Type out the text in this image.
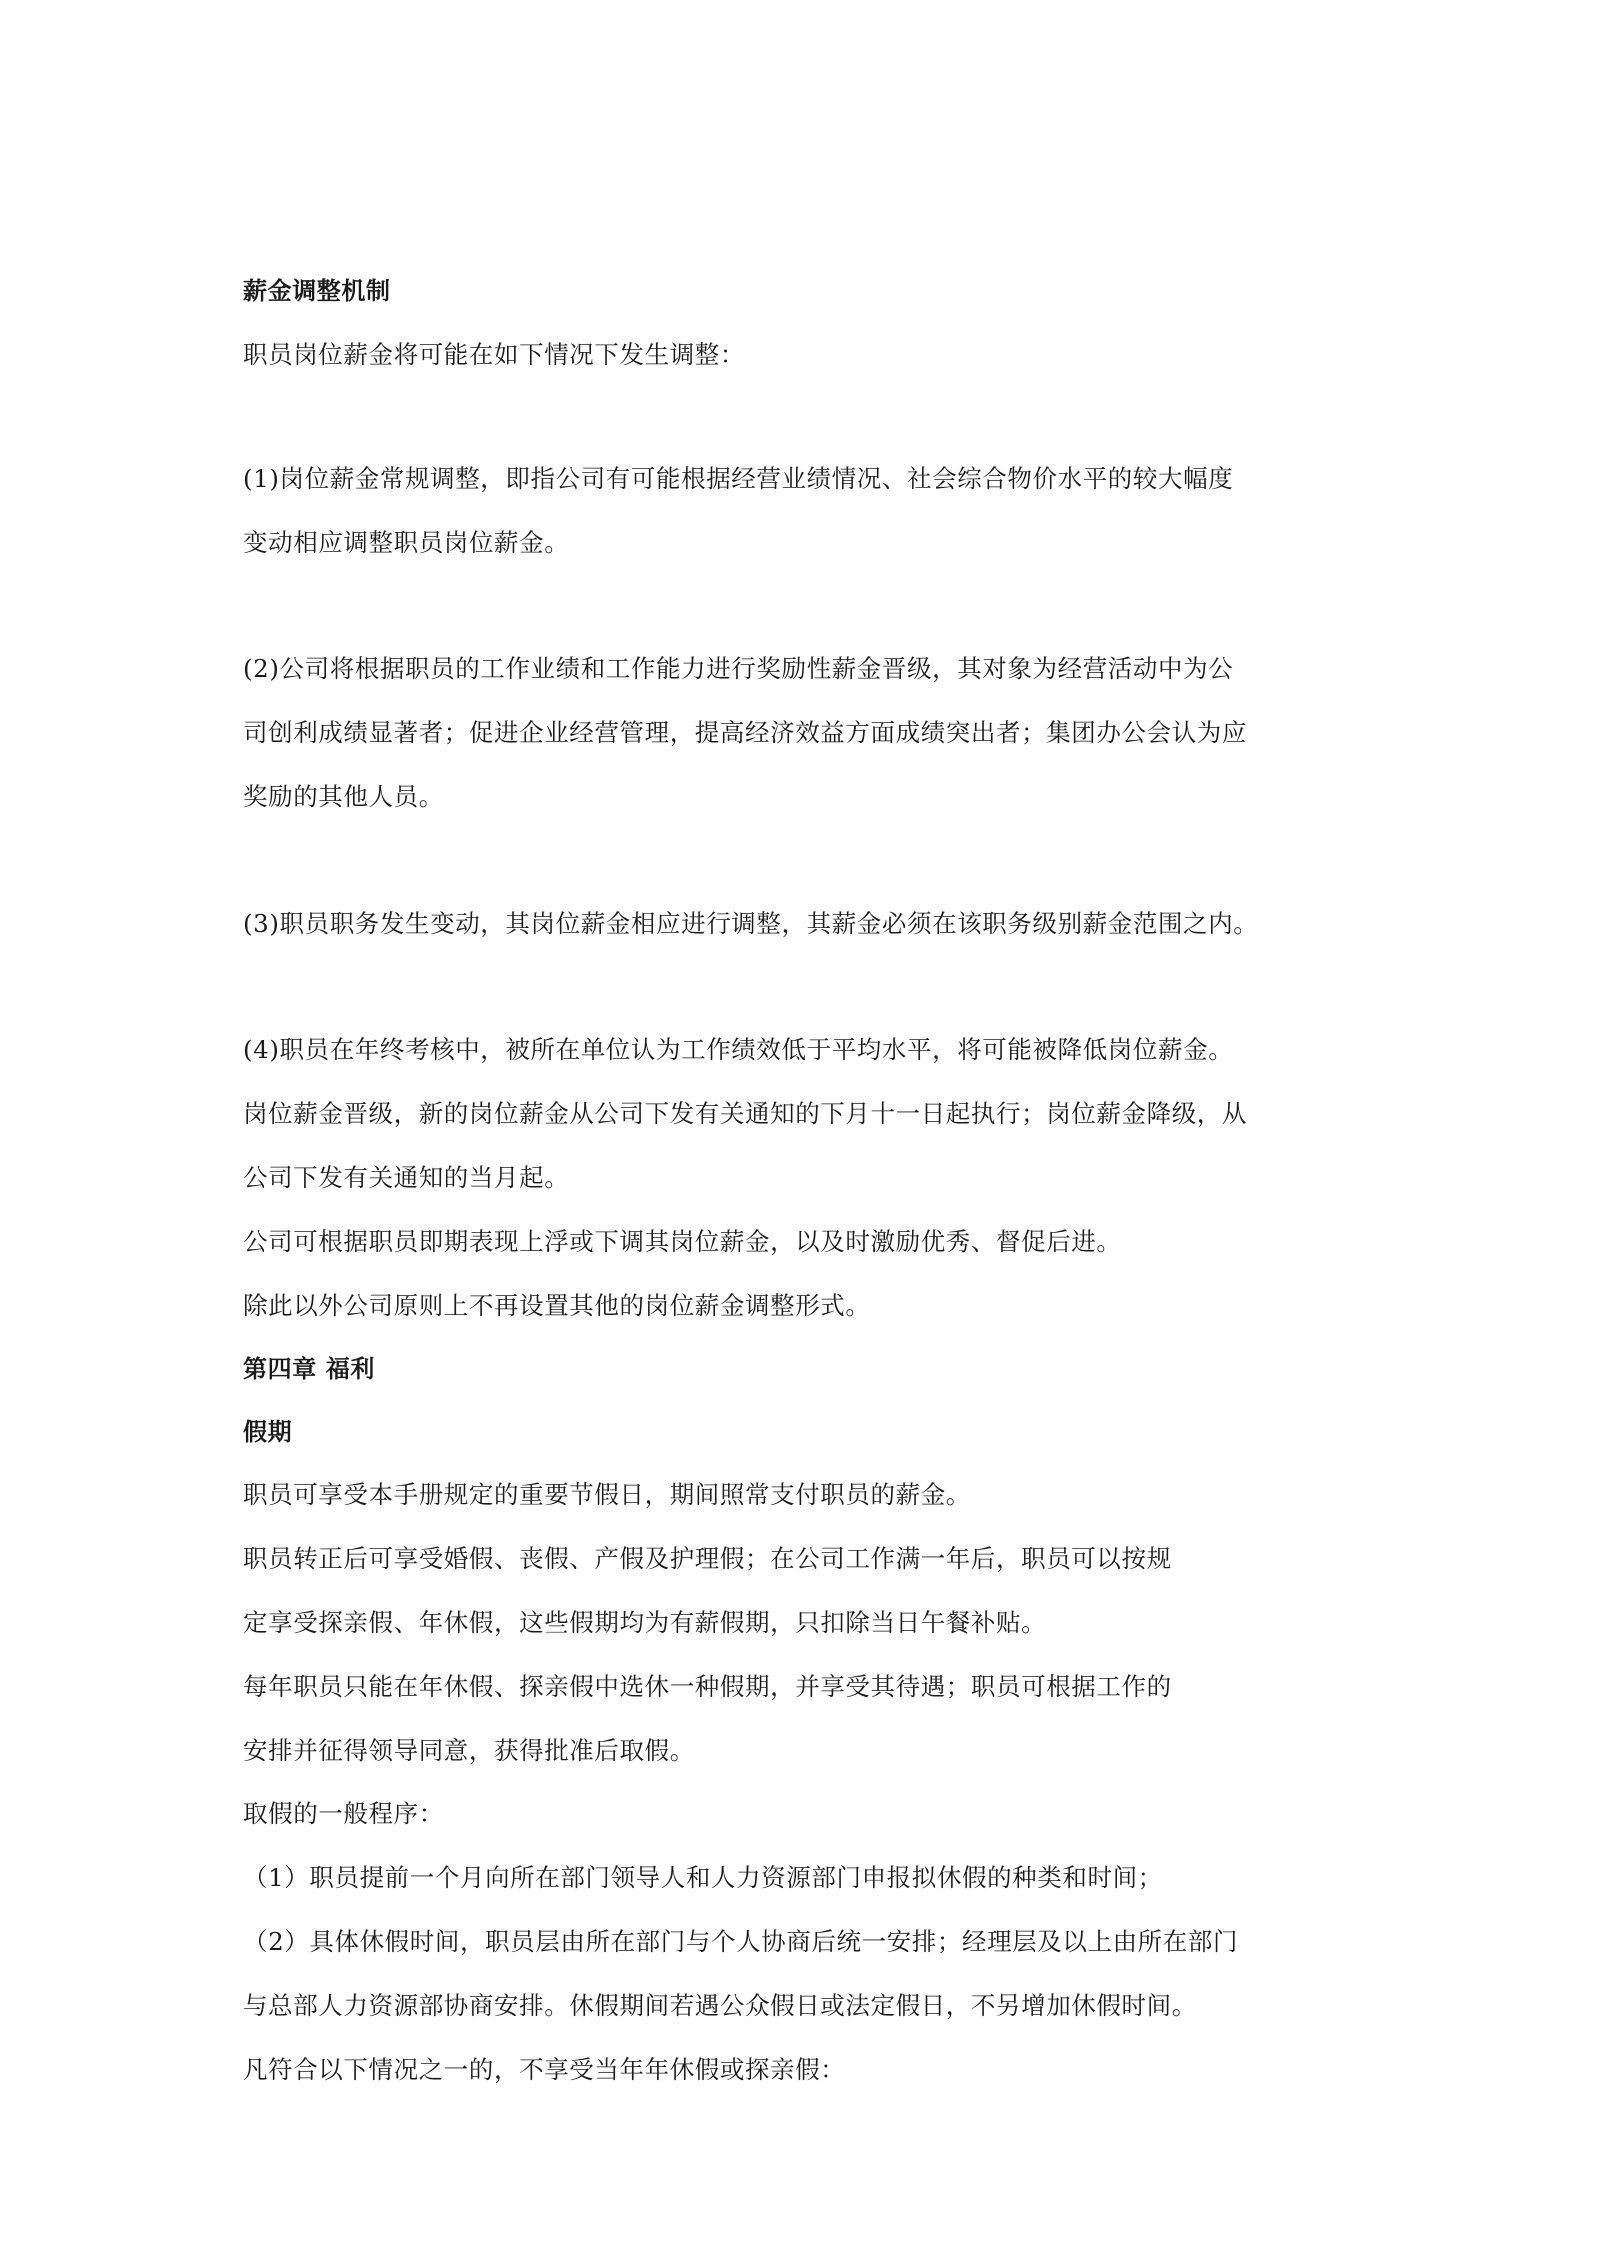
薪金调整机制

职员岗位薪金将可能在如下情况下发生调整：

(1)岗位薪金常规调整，即指公司有可能根据经营业绩情况、社会综合物价水平的较大幅度

变动相应调整职员岗位薪金。

(2)公司将根据职员的工作业绩和工作能力进行奖励性薪金晋级，其对象为经营活动中为公

司创利成绩显著者；促进企业经营管理，提高经济效益方面成绩突出者；集团办公会认为应

奖励的其他人员。

(3)职员职务发生变动，其岗位薪金相应进行调整，其薪金必须在该职务级别薪金范围之内。

(4)职员在年终考核中，被所在单位认为工作绩效低于平均水平，将可能被降低岗位薪金。

岗位薪金晋级，新的岗位薪金从公司下发有关通知的下月十一日起执行；岗位薪金降级，从

公司下发有关通知的当月起。

公司可根据职员即期表现上浮或下调其岗位薪金，以及时激励优秀、督促后进。

除此以外公司原则上不再设置其他的岗位薪金调整形式。

第四章 福利

假期

职员可享受本手册规定的重要节假日，期间照常支付职员的薪金。

职员转正后可享受婚假、丧假、产假及护理假；在公司工作满一年后，职员可以按规

定享受探亲假、年休假，这些假期均为有薪假期，只扣除当日午餐补贴。

每年职员只能在年休假、探亲假中选休一种假期，并享受其待遇；职员可根据工作的

安排并征得领导同意，获得批准后取假。

取假的一般程序：

（1）职员提前一个月向所在部门领导人和人力资源部门申报拟休假的种类和时间；

（2）具体休假时间，职员层由所在部门与个人协商后统一安排；经理层及以上由所在部门

与总部人力资源部协商安排。休假期间若遇公众假日或法定假日，不另增加休假时间。

凡符合以下情况之一的，不享受当年年休假或探亲假：
